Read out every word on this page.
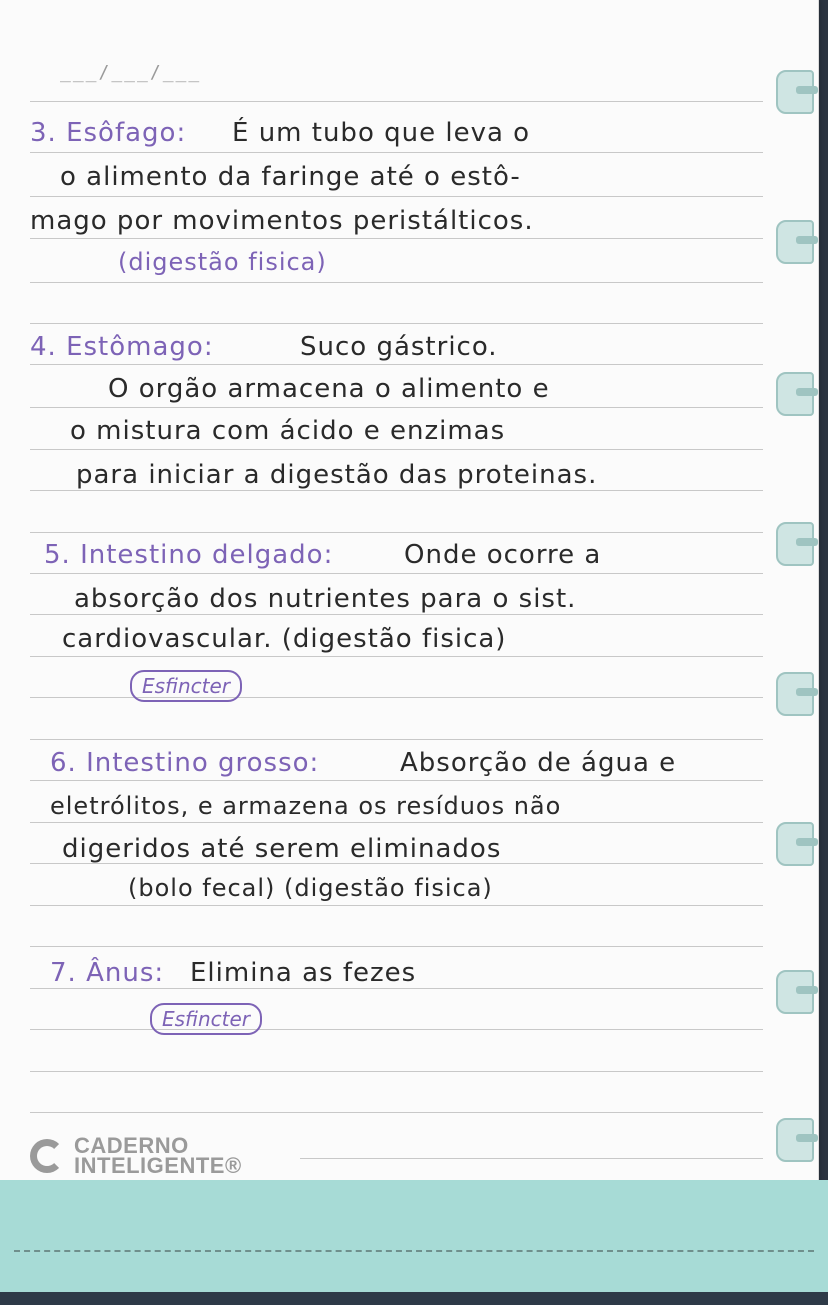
___/___/___
3. Esôfago: É um tubo que leva o
o alimento da faringe até o estô-
mago por movimentos peristálticos.
(digestão fisica)
4. Estômago:	Suco gástrico.
O orgão armacena o alimento e
o mistura com ácido e enzimas
para iniciar a digestão das proteinas.
5. Intestino delgado:	Onde ocorre a
absorção dos nutrientes para o sist.
cardiovascular. (digestão fisica)
Esfincter
6. Intestino grosso:	Absorção de água e
eletrólitos, e armazena os resíduos não
digeridos até serem eliminados
(bolo fecal) (digestão fisica)
7. Ânus: Elimina as fezes
Esfincter
CADERNO
INTELIGENTE®
